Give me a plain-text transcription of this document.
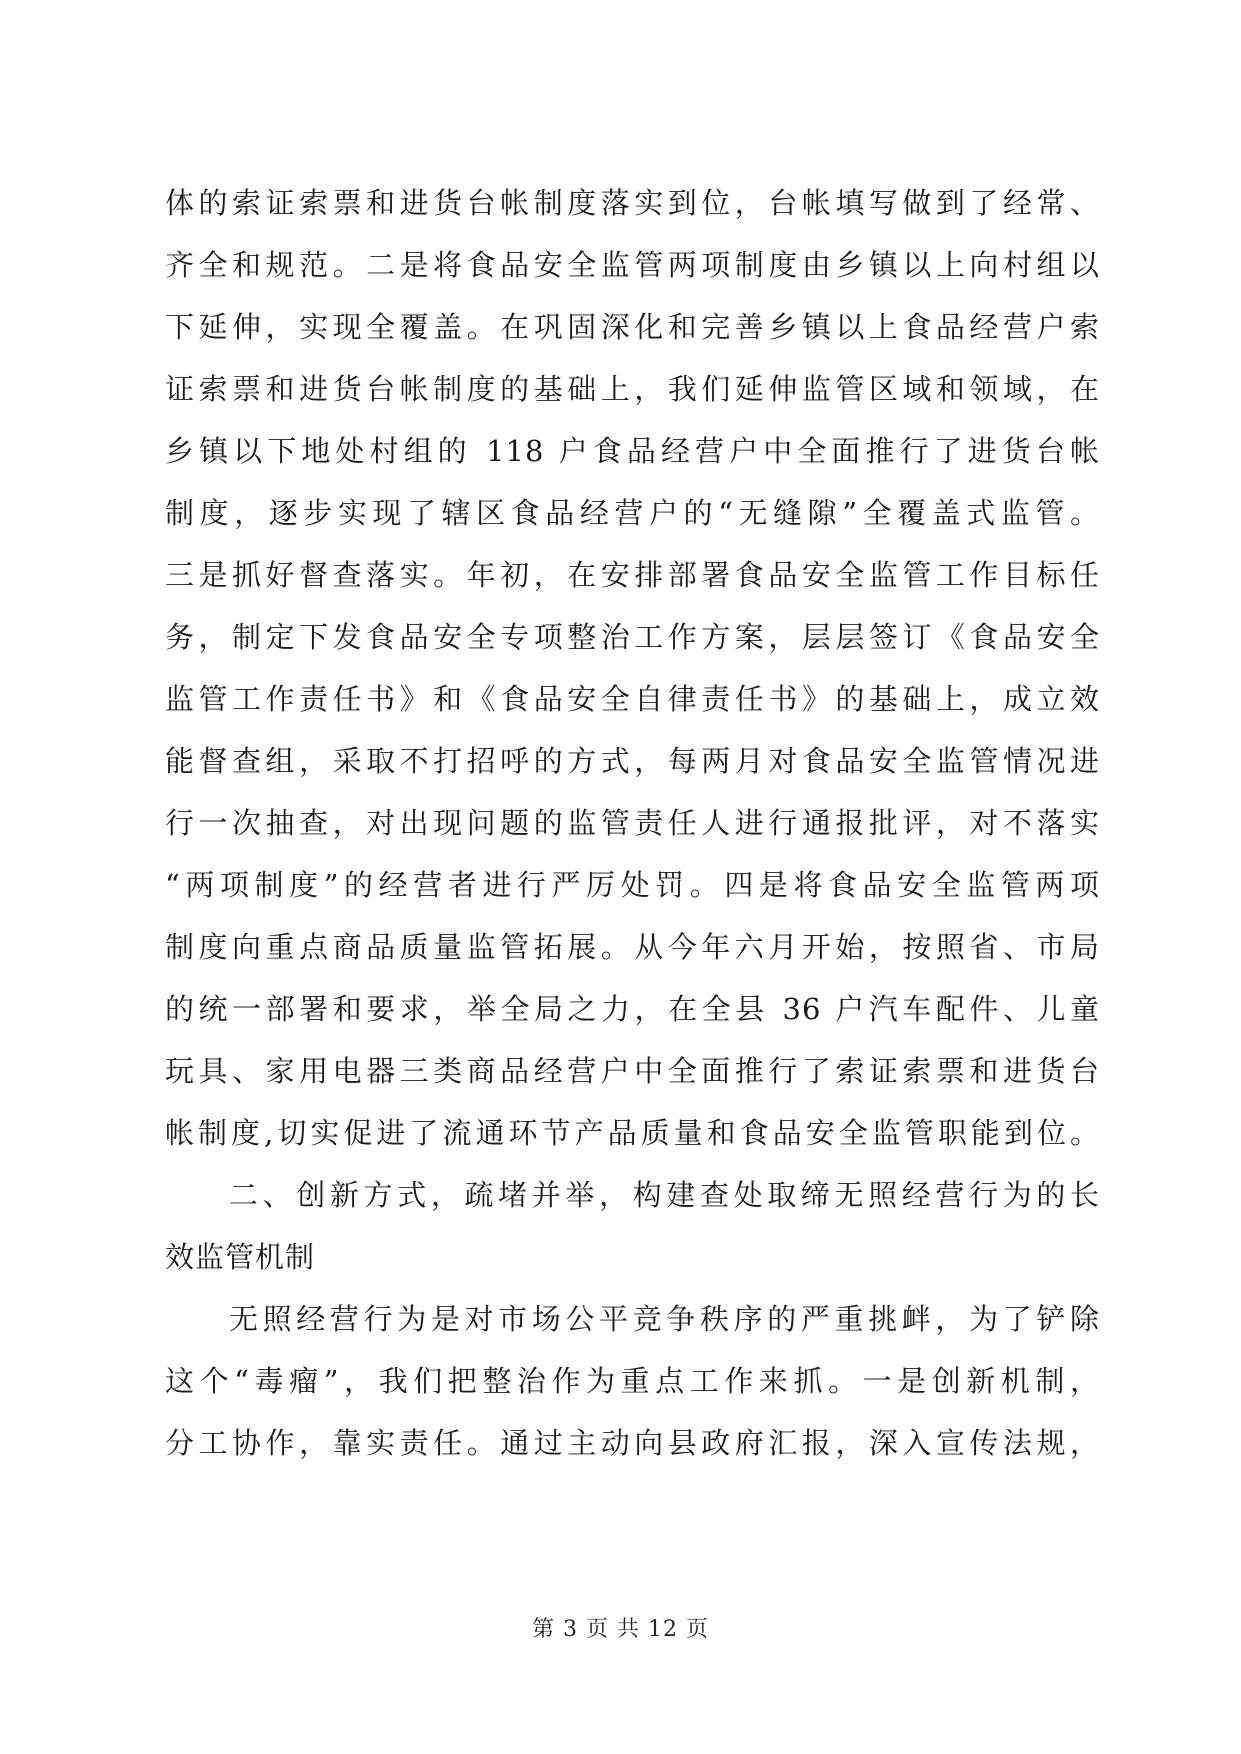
体的索证索票和进货台帐制度落实到位，台帐填写做到了经常、
齐全和规范。二是将食品安全监管两项制度由乡镇以上向村组以
下延伸，实现全覆盖。在巩固深化和完善乡镇以上食品经营户索
证索票和进货台帐制度的基础上，我们延伸监管区域和领域，在
乡镇以下地处村组的 118 户食品经营户中全面推行了进货台帐
制度，逐步实现了辖区食品经营户的“无缝隙”全覆盖式监管。
三是抓好督查落实。年初，在安排部署食品安全监管工作目标任
务，制定下发食品安全专项整治工作方案，层层签订《食品安全
监管工作责任书》和《食品安全自律责任书》的基础上，成立效
能督查组，采取不打招呼的方式，每两月对食品安全监管情况进
行一次抽查，对出现问题的监管责任人进行通报批评，对不落实
“两项制度”的经营者进行严厉处罚。四是将食品安全监管两项
制度向重点商品质量监管拓展。从今年六月开始，按照省、市局
的统一部署和要求，举全局之力，在全县 36 户汽车配件、儿童
玩具、家用电器三类商品经营户中全面推行了索证索票和进货台
帐制度,切实促进了流通环节产品质量和食品安全监管职能到位。
二、创新方式，疏堵并举，构建查处取缔无照经营行为的长
效监管机制
无照经营行为是对市场公平竞争秩序的严重挑衅，为了铲除
这个“毒瘤”，我们把整治作为重点工作来抓。一是创新机制，
分工协作，靠实责任。通过主动向县政府汇报，深入宣传法规，
第 3 页 共 12 页
